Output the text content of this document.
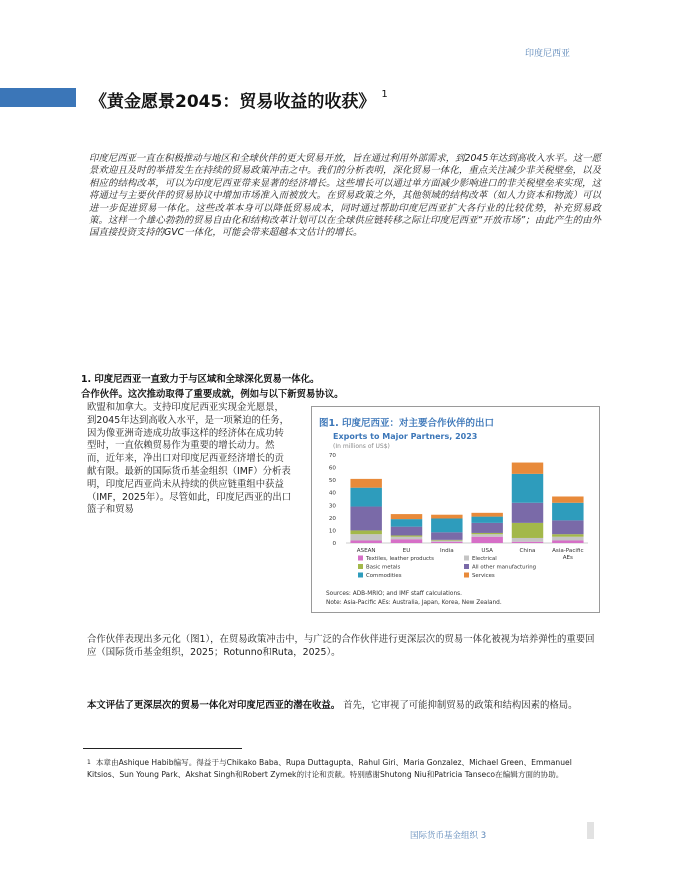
印度尼西亚
《黄金愿景2045：贸易收益的收获》 $^1$
印度尼西亚一直在积极推动与地区和全球伙伴的更大贸易开放，旨在通过利用外部需求，到2045年达到高收入水平。这一愿景欢迎且及时的举措发生在持续的贸易政策冲击之中。我们的分析表明，深化贸易一体化，重点关注减少非关税壁垒，以及相应的结构改革，可以为印度尼西亚带来显著的经济增长。这些增长可以通过单方面减少影响进口的非关税壁垒来实现，这将通过与主要伙伴的贸易协议中增加市场准入而被放大。在贸易政策之外，其他领域的结构改革（如人力资本和物流）可以进一步促进贸易一体化。这些改革本身可以降低贸易成本，同时通过帮助印度尼西亚扩大各行业的比较优势，补充贸易政策。这样一个雄心勃勃的贸易自由化和结构改革计划可以在全球供应链转移之际让印度尼西亚“开放市场”；由此产生的由外国直接投资支持的GVC一体化，可能会带来超越本文估计的增长。
1. 印度尼西亚一直致力于与区域和全球深化贸易一体化。
合作伙伴。这次推动取得了重要成就，例如与以下新贸易协议。
欧盟和加拿大。支持印度尼西亚实现金光愿景，到2045年达到高收入水平，是一项紧迫的任务，因为像亚洲奇迹成功故事这样的经济体在成功转型时，一直依赖贸易作为重要的增长动力。然而，近年来，净出口对印度尼西亚经济增长的贡献有限。最新的国际货币基金组织（IMF）分析表明，印度尼西亚尚未从持续的供应链重组中获益（IMF，2025年）。尽管如此，印度尼西亚的出口篮子和贸易
图1. 印度尼西亚：对主要合作伙伴的出口
Exports to Major Partners, 2023
(In millions of US$)
0
10
20
30
40
50
60
70
ASEAN	EU	India	USA	China	Asia-Pacific AEs
Textiles, leather products	Electrical
Basic metals	All other manufacturing
Commodities	Services
Sources: ADB-MRIO; and IMF staff calculations.
Note: Asia-Pacific AEs: Australia, Japan, Korea, New Zealand.
合作伙伴表现出多元化（图1），在贸易政策冲击中，与广泛的合作伙伴进行更深层次的贸易一体化被视为培养弹性的重要回应（国际货币基金组织，2025；Rotunno和Ruta，2025）。
本文评估了更深层次的贸易一体化对印度尼西亚的潜在收益。 首先，它审视了可能抑制贸易的政策和结构因素的格局。
$^1$ 本章由Ashique Habib编写。得益于与Chikako Baba、Rupa Duttagupta、Rahul Giri、Maria Gonzalez、Michael Green、Emmanuel Kitsios、Sun Young Park、Akshat Singh和Robert Zymek的讨论和贡献。特别感谢Shutong Niu和Patricia Tanseco在编辑方面的协助。
国际货币基金组织 3
